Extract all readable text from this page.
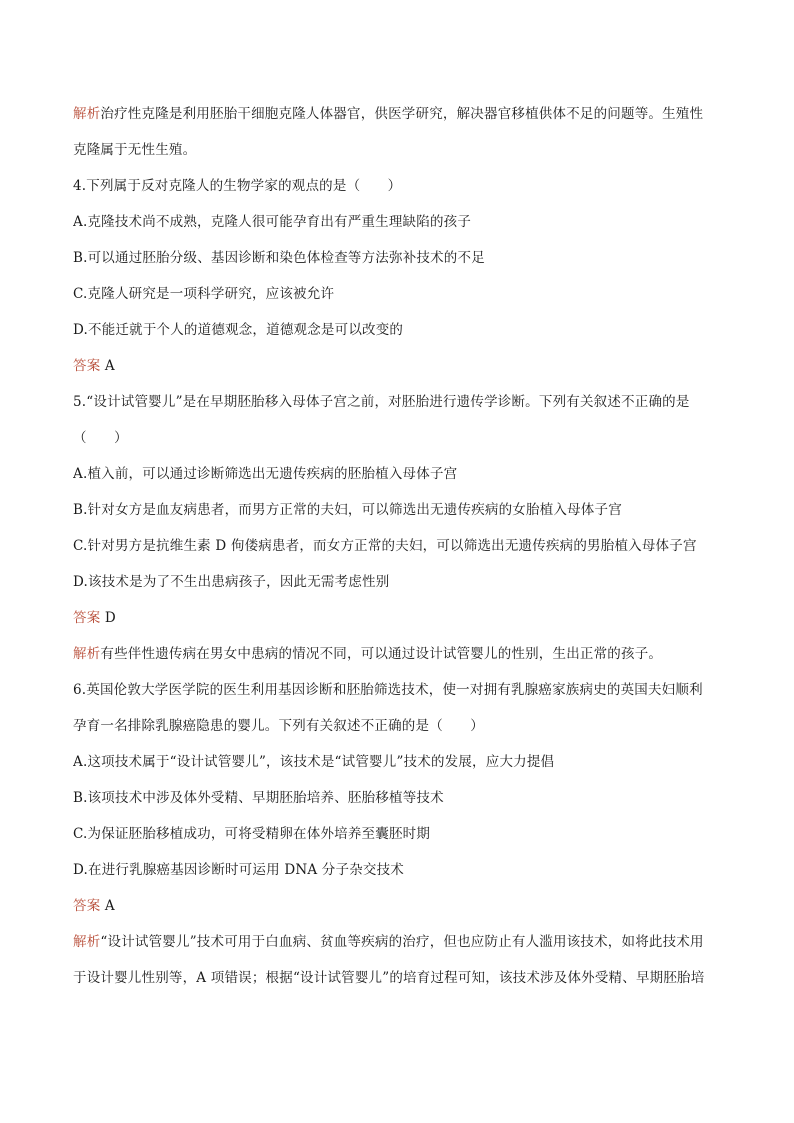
解析治疗性克隆是利用胚胎干细胞克隆人体器官，供医学研究，解决器官移植供体不足的问题等。生殖性
克隆属于无性生殖。
4.下列属于反对克隆人的生物学家的观点的是（　　）
A.克隆技术尚不成熟，克隆人很可能孕育出有严重生理缺陷的孩子
B.可以通过胚胎分级、基因诊断和染色体检查等方法弥补技术的不足
C.克隆人研究是一项科学研究，应该被允许
D.不能迁就于个人的道德观念，道德观念是可以改变的
答案 A
5.“设计试管婴儿”是在早期胚胎移入母体子宫之前，对胚胎进行遗传学诊断。下列有关叙述不正确的是
（　　）
A.植入前，可以通过诊断筛选出无遗传疾病的胚胎植入母体子宫
B.针对女方是血友病患者，而男方正常的夫妇，可以筛选出无遗传疾病的女胎植入母体子宫
C.针对男方是抗维生素 D 佝偻病患者，而女方正常的夫妇，可以筛选出无遗传疾病的男胎植入母体子宫
D.该技术是为了不生出患病孩子，因此无需考虑性别
答案 D
解析有些伴性遗传病在男女中患病的情况不同，可以通过设计试管婴儿的性别，生出正常的孩子。
6.英国伦敦大学医学院的医生利用基因诊断和胚胎筛选技术，使一对拥有乳腺癌家族病史的英国夫妇顺利
孕育一名排除乳腺癌隐患的婴儿。下列有关叙述不正确的是（　　）
A.这项技术属于“设计试管婴儿”，该技术是“试管婴儿”技术的发展，应大力提倡
B.该项技术中涉及体外受精、早期胚胎培养、胚胎移植等技术
C.为保证胚胎移植成功，可将受精卵在体外培养至囊胚时期
D.在进行乳腺癌基因诊断时可运用 DNA 分子杂交技术
答案 A
解析“设计试管婴儿”技术可用于白血病、贫血等疾病的治疗，但也应防止有人滥用该技术，如将此技术用
于设计婴儿性别等，A 项错误；根据“设计试管婴儿”的培育过程可知，该技术涉及体外受精、早期胚胎培
